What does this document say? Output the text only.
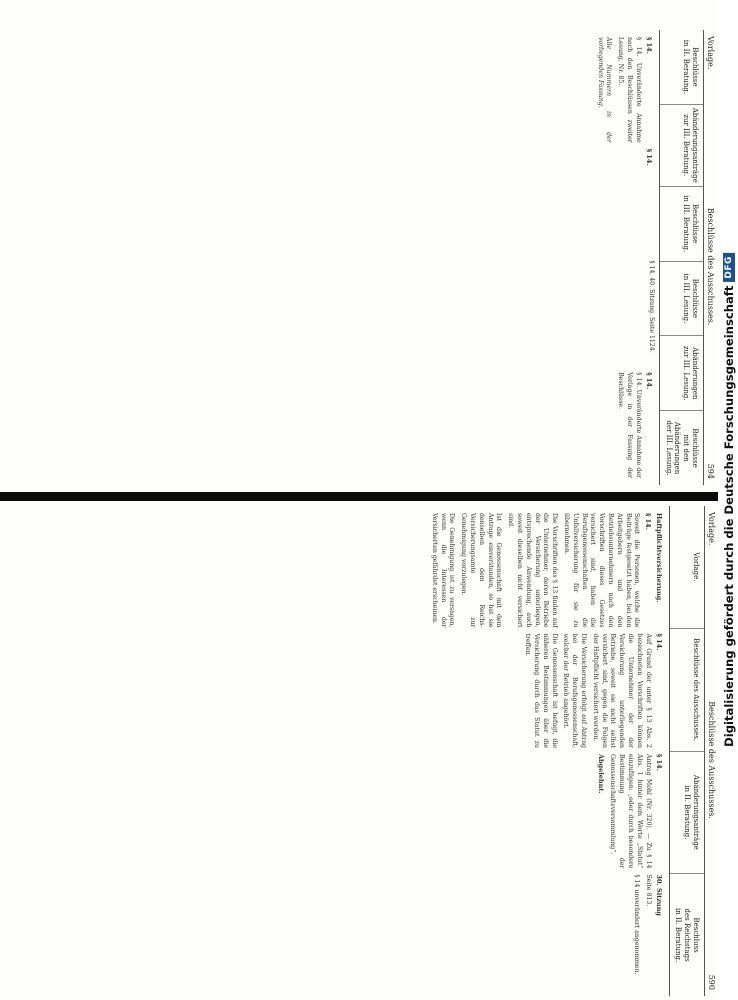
Vorlage.
Beschlüsse des Ausschusses.
594
Beschlüsse
in II. Beratung.
Abänderungsanträge
zur III. Beratung.
Beschlüsse
in III. Beratung.
Beschlüsse
in III. Lesung.
Abänderungen
zur III. Lesung.
Beschlüsse
mit den Abänderungen
der III. Lesung.
§ 14.

§ 14. Unveränderte Annahme nach den Beschlüssen zweiter Lesung, Nr. 85.

Alle Nummern in der vorliegenden Fassung.

§ 14.

§ 14. 40. Sitzung. Seite 1124.

§ 14.

§ 14. Unveränderte Annahme der Vorlage in der Fassung der Beschlüsse.

Vorlage.
Beschlüsse des Ausschusses.
590
Vorlage.
Beschlüsse des Ausschusses.
Abänderungsanträge
in II. Beratung.
Beschluss
des Reichstags
in II. Beratung.
Haftpflichtversicherung.
§ 14.

Soweit die Personen, welche die Beiträge festgesetzt haben, bei den Arbeitgebern und den Betriebsunternehmern nach den Vorschriften dieses Gesetzes versichert sind, haben die Berufsgenossenschaften die Unfallversicherung für sie zu übernehmen.

Die Vorschriften des § 13 finden auf die Unternehmer, deren Betriebe der Versicherung unterliegen, entsprechende Anwendung, auch soweit dieselben nicht versichert sind.

Ist die Genossenschaft mit dem Antrage einverstanden, so hat sie denselben dem Reichs-Versicherungsamte zur Genehmigung vorzulegen.

Die Genehmigung ist zu versagen, wenn die Interessen der Versicherten gefährdet erscheinen.

§ 14.

Auf Grund der unter § 13 Abs. 2 bezeichneten Vorschriften können die Unternehmer der der Versicherung unterliegenden Betriebe, soweit sie nicht selbst versichert sind, gegen die Folgen der Haftpflicht versichert werden.

Die Versicherung erfolgt auf Antrag bei der Berufsgenossenschaft, welcher der Betrieb angehört.

Die Genossenschaft ist befugt, die näheren Bestimmungen über die Versicherung durch das Statut zu treffen.

§ 14.

Antrag Mohl (Nr. 320). — Zu § 14 Abs. 1 hinter dem Worte „Statut“ einzufügen: „oder durch besondere Bestimmung der Genossenschaftsversammlung“.

Abgelehnt.

30. Sitzung

Seite 813.

§ 14 unverändert angenommen.

Digitalisierung gefördert durch die Deutsche Forschungsgemeinschaft
DFG
